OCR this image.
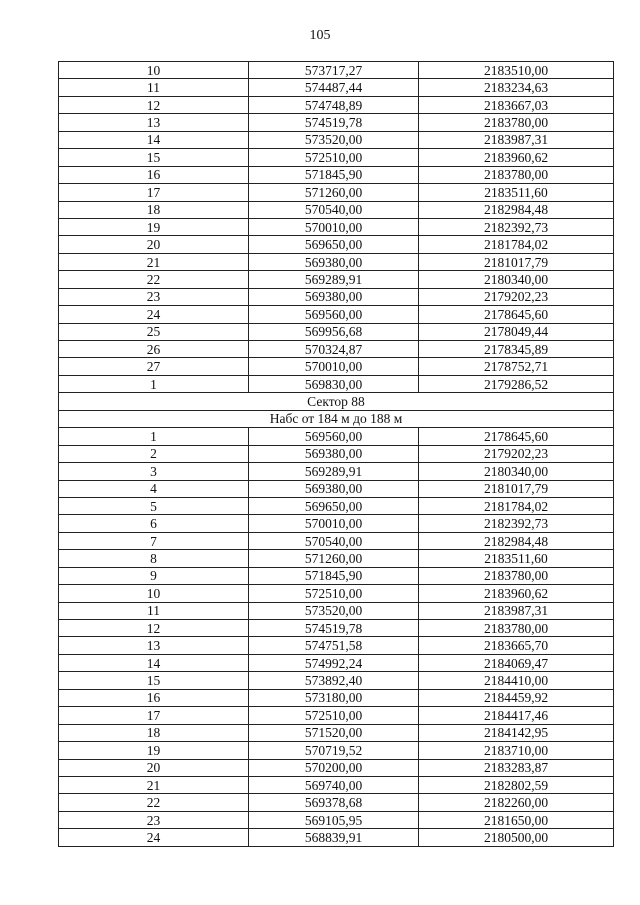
105
10	573717,27	2183510,00
11	574487,44	2183234,63
12	574748,89	2183667,03
13	574519,78	2183780,00
14	573520,00	2183987,31
15	572510,00	2183960,62
16	571845,90	2183780,00
17	571260,00	2183511,60
18	570540,00	2182984,48
19	570010,00	2182392,73
20	569650,00	2181784,02
21	569380,00	2181017,79
22	569289,91	2180340,00
23	569380,00	2179202,23
24	569560,00	2178645,60
25	569956,68	2178049,44
26	570324,87	2178345,89
27	570010,00	2178752,71
1	569830,00	2179286,52
Сектор 88		
Набс от 184 м до 188 м		
1	569560,00	2178645,60
2	569380,00	2179202,23
3	569289,91	2180340,00
4	569380,00	2181017,79
5	569650,00	2181784,02
6	570010,00	2182392,73
7	570540,00	2182984,48
8	571260,00	2183511,60
9	571845,90	2183780,00
10	572510,00	2183960,62
11	573520,00	2183987,31
12	574519,78	2183780,00
13	574751,58	2183665,70
14	574992,24	2184069,47
15	573892,40	2184410,00
16	573180,00	2184459,92
17	572510,00	2184417,46
18	571520,00	2184142,95
19	570719,52	2183710,00
20	570200,00	2183283,87
21	569740,00	2182802,59
22	569378,68	2182260,00
23	569105,95	2181650,00
24	568839,91	2180500,00
